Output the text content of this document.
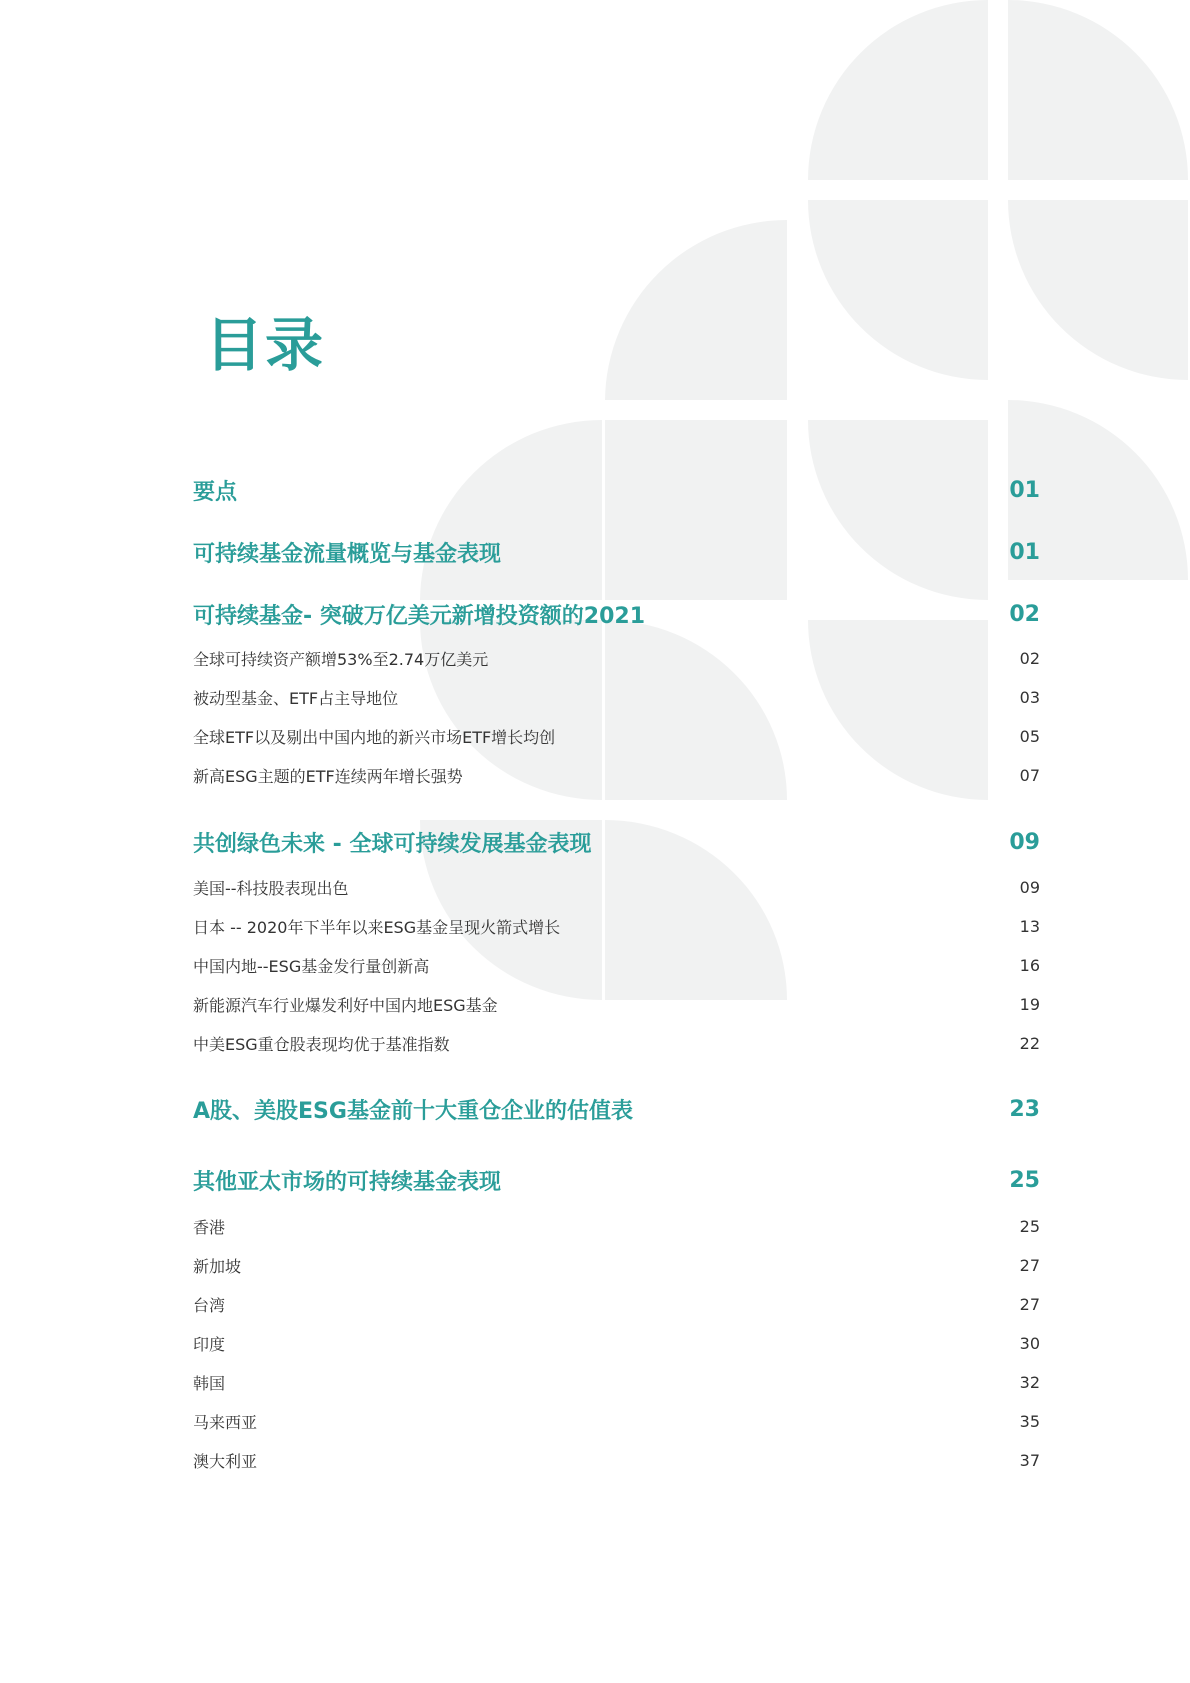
目录
要点	01
可持续基金流量概览与基金表现	01
可持续基金- 突破万亿美元新增投资额的2021	02
全球可持续资产额增53%至2.74万亿美元	02
被动型基金、ETF占主导地位	03
全球ETF以及剔出中国内地的新兴市场ETF增长均创	05
新高ESG主题的ETF连续两年增长强势	07
共创绿色未来 - 全球可持续发展基金表现	09
美国--科技股表现出色	09
日本 -- 2020年下半年以来ESG基金呈现火箭式增长	13
中国内地--ESG基金发行量创新高	16
新能源汽车行业爆发利好中国内地ESG基金	19
中美ESG重仓股表现均优于基准指数	22
A股、美股ESG基金前十大重仓企业的估值表	23
其他亚太市场的可持续基金表现	25
香港	25
新加坡	27
台湾	27
印度	30
韩国	32
马来西亚	35
澳大利亚	37
